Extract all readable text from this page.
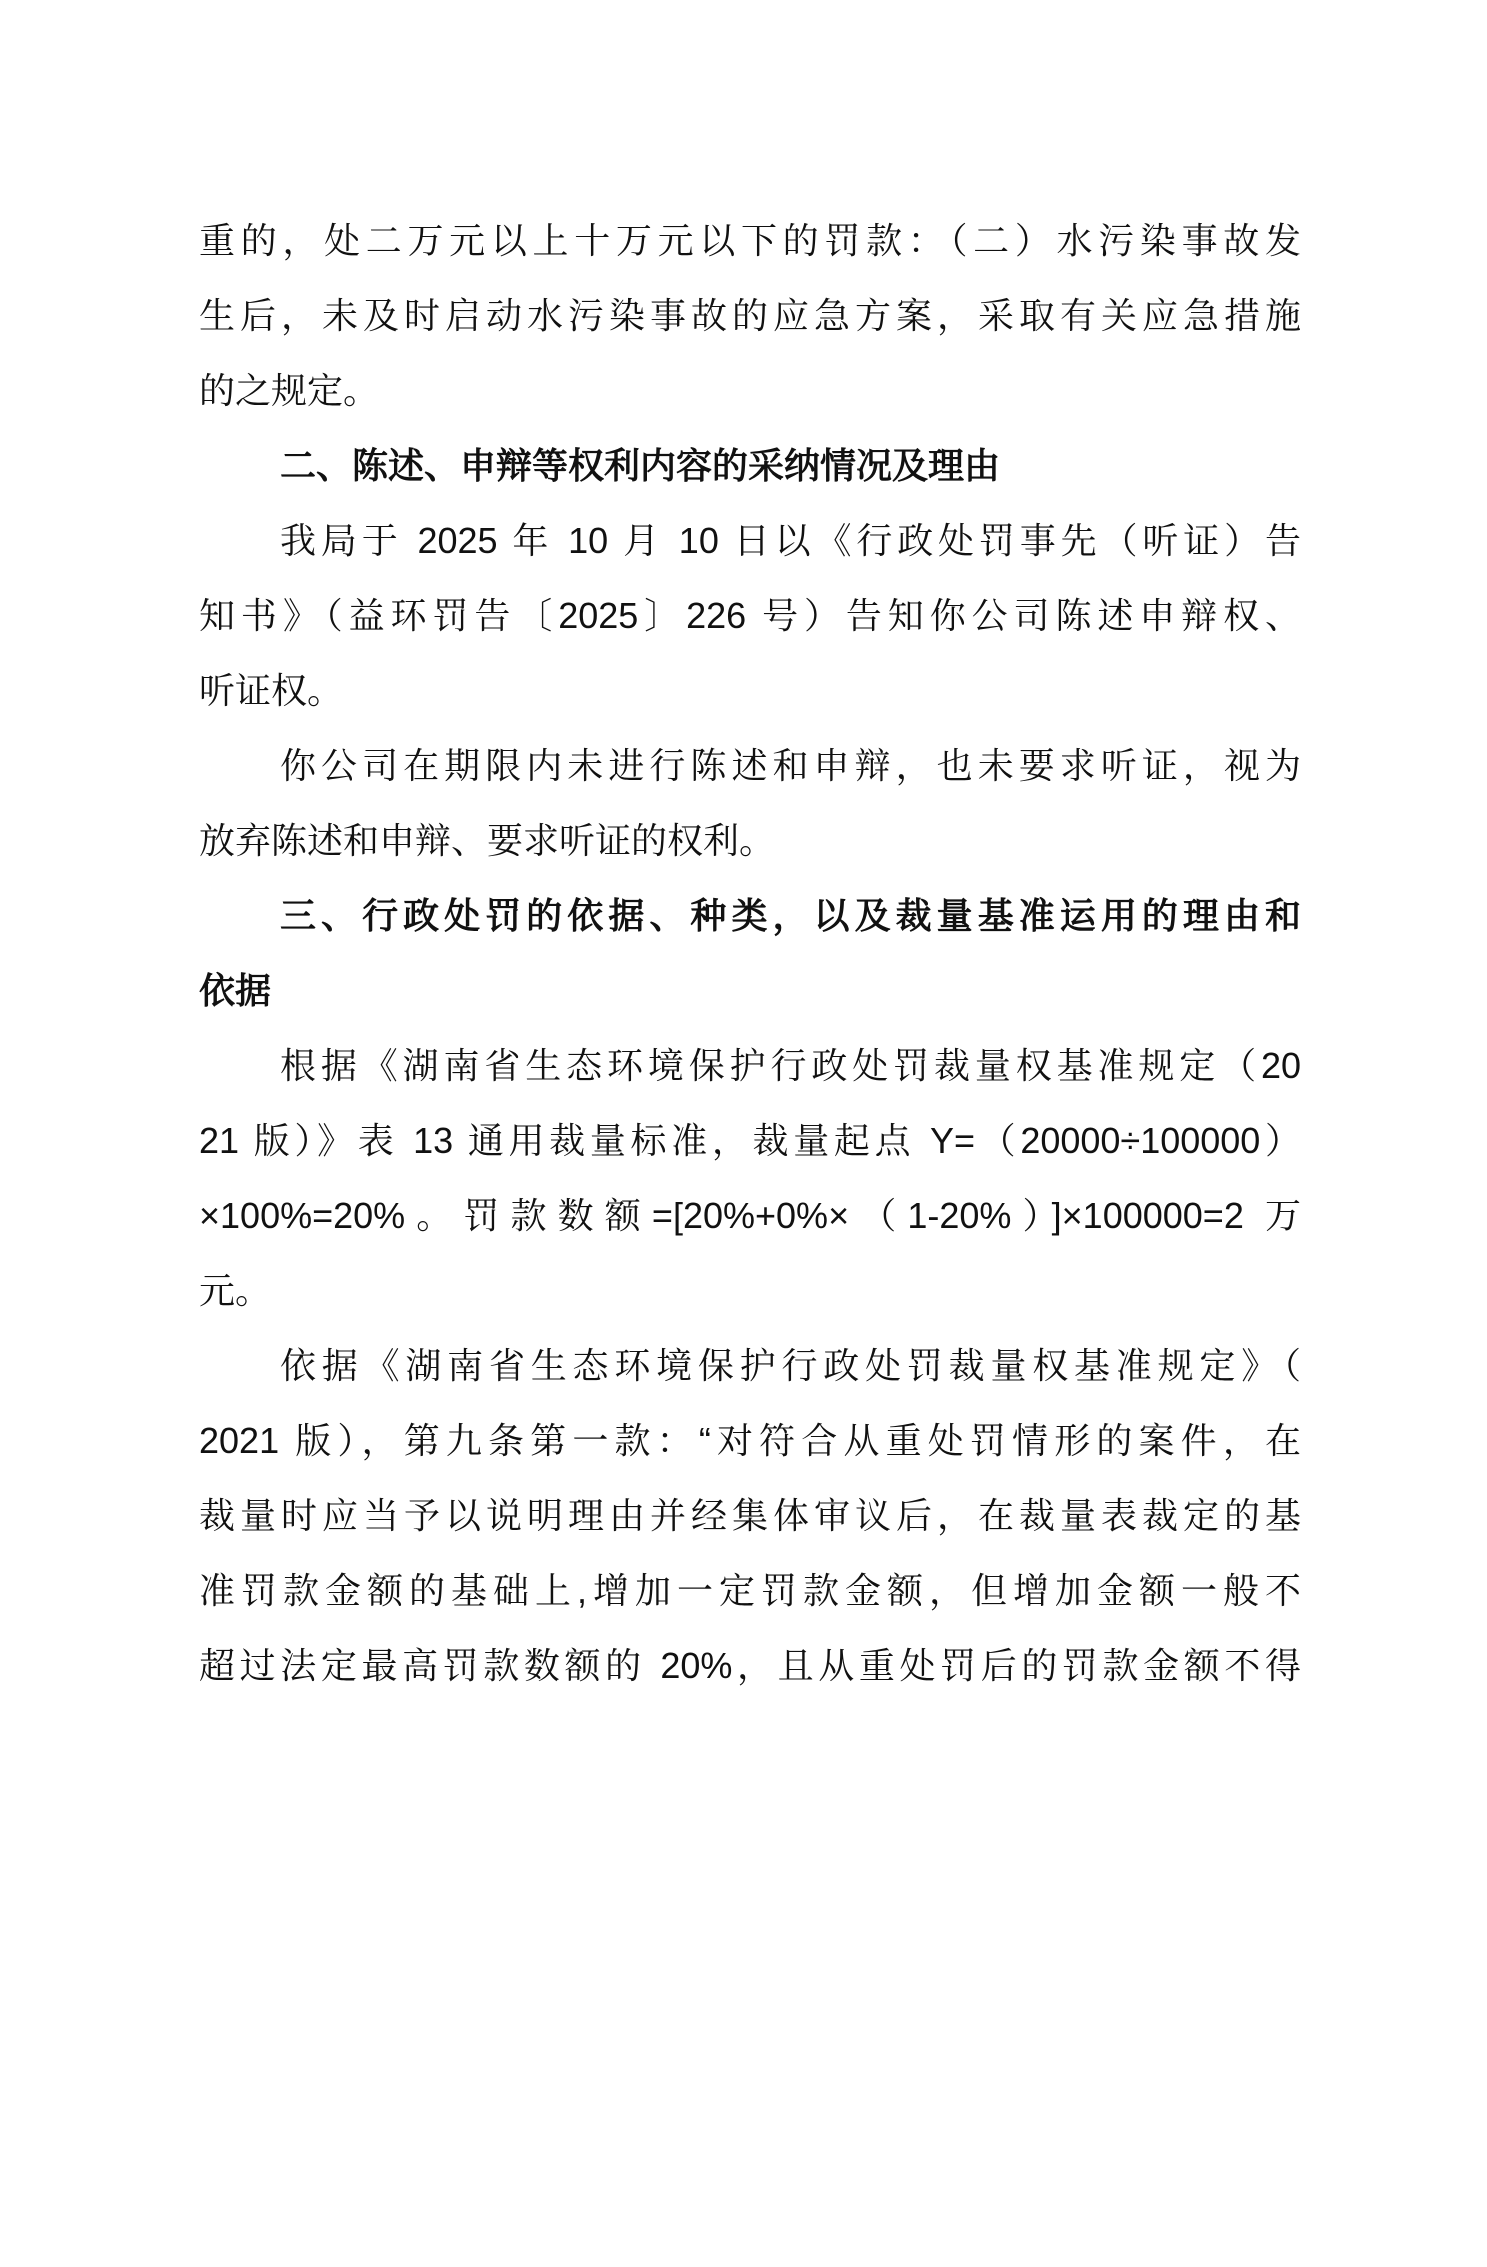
重的，处二万元以上十万元以下的罚款：（二）水污染事故发
生后，未及时启动水污染事故的应急方案，采取有关应急措施
的之规定。
二、陈述、申辩等权利内容的采纳情况及理由
我局于 2025 年 10 月 10 日以《行政处罚事先（听证）告
知书》（益环罚告〔2025〕226 号）告知你公司陈述申辩权、
听证权。
你公司在期限内未进行陈述和申辩，也未要求听证，视为
放弃陈述和申辩、要求听证的权利。
三、行政处罚的依据、种类，以及裁量基准运用的理由和
依据
根据《湖南省生态环境保护行政处罚裁量权基准规定（20
21 版）》表 13 通用裁量标准，裁量起点 Y=（20000÷100000）
×100%=20%。罚款数额=[20%+0%×（1-20%）]×100000=2 万
元。
依据《湖南省生态环境保护行政处罚裁量权基准规定》（
2021 版），第九条第一款：“对符合从重处罚情形的案件，在
裁量时应当予以说明理由并经集体审议后，在裁量表裁定的基
准罚款金额的基础上,增加一定罚款金额，但增加金额一般不
超过法定最高罚款数额的 20%，且从重处罚后的罚款金额不得
